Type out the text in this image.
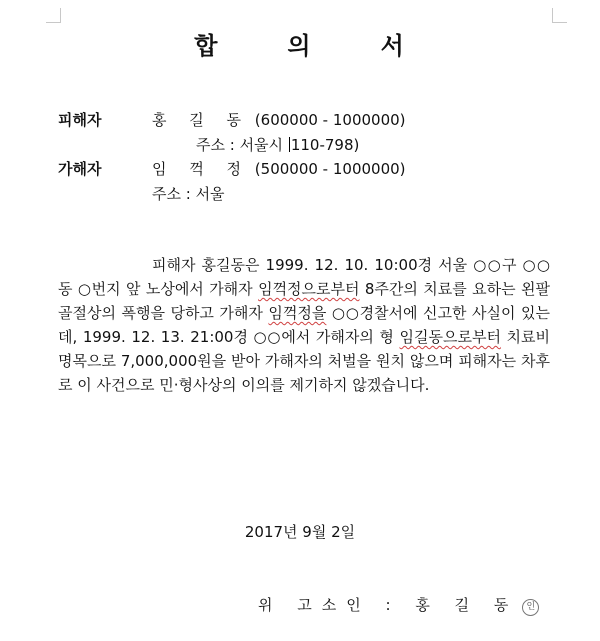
합	의	서
피해자	홍 길 동 (600000 - 1000000)
주소 : 서울시 110-798)
가해자	임 꺽 정 (500000 - 1000000)
주소 : 서울
피해자 홍길동은 1999. 12. 10. 10:00경 서울 ○○구 ○○동 ○번지 앞 노상에서 가해자 임꺽정으로부터 8주간의 치료를 요하는 왼팔 골절상의 폭행을 당하고 가해자 임꺽정을 ○○경찰서에 신고한 사실이 있는데, 1999. 12. 13. 21:00경 ○○에서 가해자의 형 임길동으로부터 치료비 명목으로 7,000,000원을 받아 가해자의 처벌을 원치 않으며 피해자는 차후로 이 사건으로 민·형사상의 이의를 제기하지 않겠습니다.
2017년 9월 2일
위 고소인 : 홍 길 동 인
